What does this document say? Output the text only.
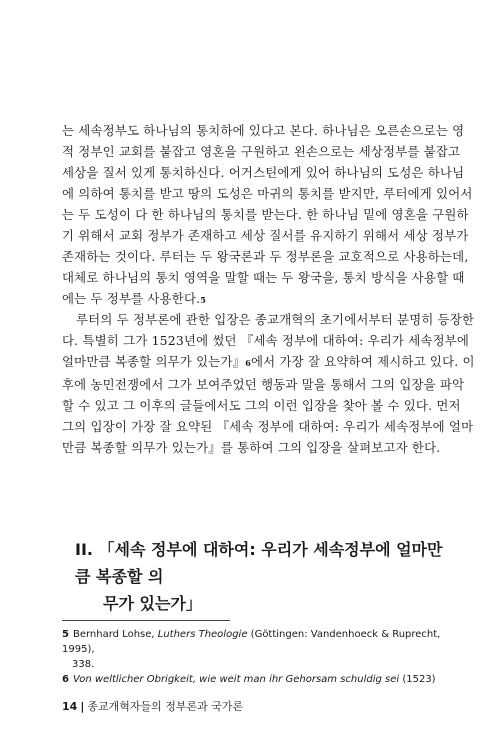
는 세속정부도 하나님의 통치하에 있다고 본다. 하나님은 오른손으로는 영
적 정부인 교회를 붙잡고 영혼을 구원하고 왼손으로는 세상정부를 붙잡고
세상을 질서 있게 통치하신다. 어거스틴에게 있어 하나님의 도성은 하나님
에 의하여 통치를 받고 땅의 도성은 마귀의 통치를 받지만, 루터에게 있어서
는 두 도성이 다 한 하나님의 통치를 받는다. 한 하나님 밑에 영혼을 구원하
기 위해서 교회 정부가 존재하고 세상 질서를 유지하기 위해서 세상 정부가
존재하는 것이다. 루터는 두 왕국론과 두 정부론을 교호적으로 사용하는데,
대체로 하나님의 통치 영역을 말할 때는 두 왕국을, 통치 방식을 사용할 때
에는 두 정부를 사용한다.5
루터의 두 정부론에 관한 입장은 종교개혁의 초기에서부터 분명히 등장한
다. 특별히 그가 1523년에 썼던 『세속 정부에 대하여: 우리가 세속정부에
얼마만큼 복종할 의무가 있는가』6에서 가장 잘 요약하여 제시하고 있다. 이
후에 농민전쟁에서 그가 보여주었던 행동과 말을 통해서 그의 입장을 파악
할 수 있고 그 이후의 글들에서도 그의 이런 입장을 찾아 볼 수 있다. 먼저
그의 입장이 가장 잘 요약된 『세속 정부에 대하여: 우리가 세속정부에 얼마
만큼 복종할 의무가 있는가』를 통하여 그의 입장을 살펴보고자 한다.
II. 「세속 정부에 대하여: 우리가 세속정부에 얼마만큼 복종할 의
무가 있는가」
5 Bernhard Lohse, Luthers Theologie (Göttingen: Vandenhoeck & Ruprecht, 1995),
338.
6 Von weltlicher Obrigkeit, wie weit man ihr Gehorsam schuldig sei (1523)
14 | 종교개혁자들의 정부론과 국가론
